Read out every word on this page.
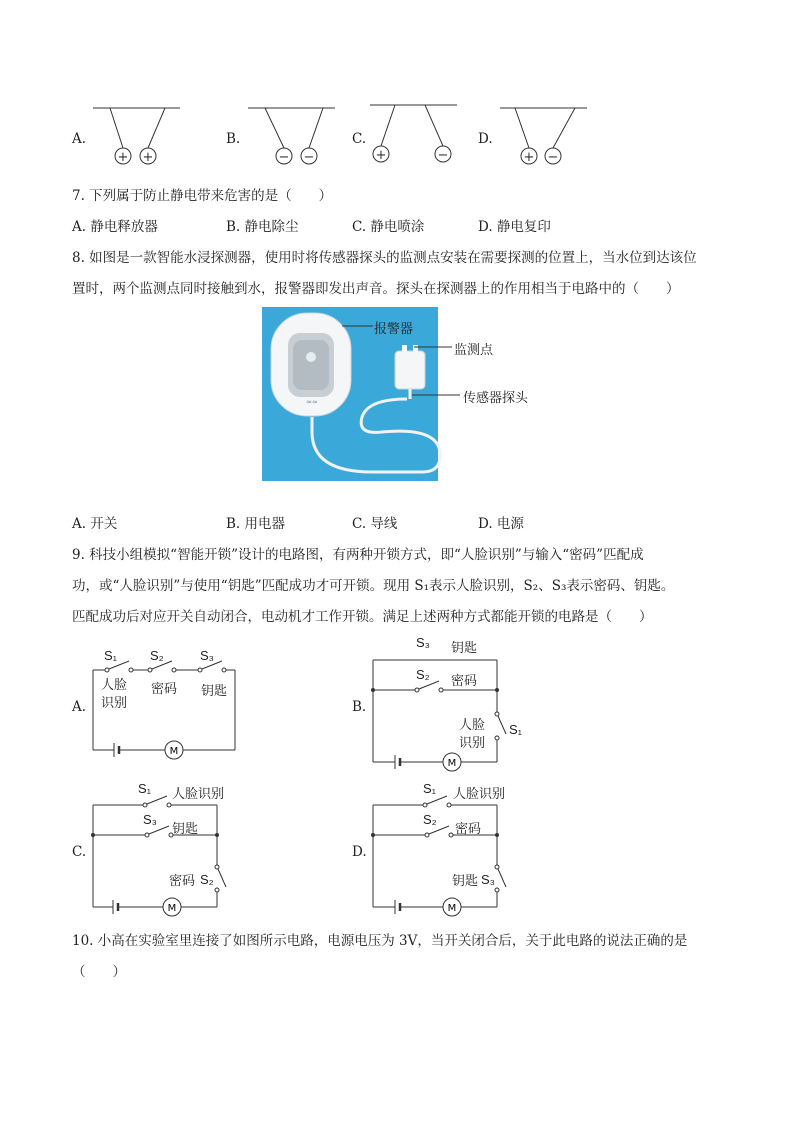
+ +	− −	+	−	+ −
A.	B.	C.	D.
7. 下列属于防止静电带来危害的是（　　）
A. 静电释放器	B. 静电除尘	C. 静电喷涂	D. 静电复印
8. 如图是一款智能水浸探测器，使用时将传感器探头的监测点安装在需要探测的位置上，当水位到达该位
置时，两个监测点同时接触到水，报警器即发出声音。探头在探测器上的作用相当于电路中的（　　）
≈≈
报警器
监测点
传感器探头
A. 开关	B. 用电器	C. 导线	D. 电源
9. 科技小组模拟“智能开锁”设计的电路图，有两种开锁方式，即“人脸识别”与输入“密码”匹配成
功，或“人脸识别”与使用“钥匙”匹配成功才可开锁。现用 S₁表示人脸识别，S₂、S₃表示密码、钥匙。
匹配成功后对应开关自动闭合，电动机才工作开锁。满足上述两种方式都能开锁的电路是（　　）
A.
M
S₁	S₂	S₃
人脸
识别
密码 钥匙
B.
M
S₃ 钥匙
S₂ 密码
人脸
识别
S₁
C.
M
S₁ 人脸识别
S₃
钥匙
密码 S₂
D.
M
S₁ 人脸识别
S₂
密码
钥匙 S₃
10. 小高在实验室里连接了如图所示电路，电源电压为 3V，当开关闭合后，关于此电路的说法正确的是
（　　）
